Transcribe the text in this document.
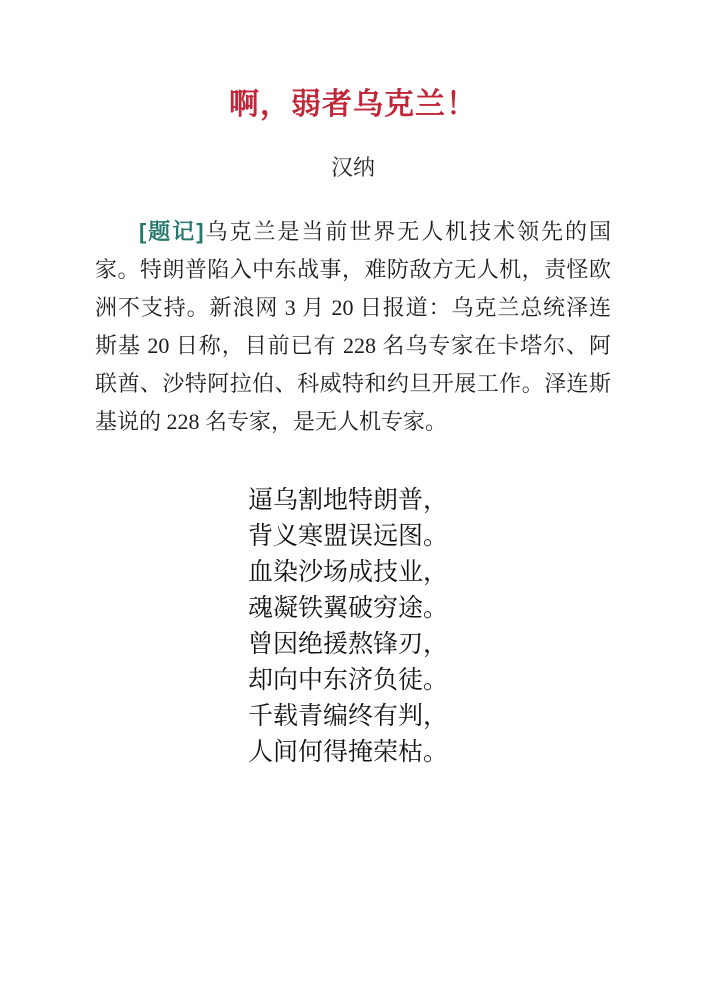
啊，弱者乌克兰！
汉纳

[题记]乌克兰是当前世界无人机技术领先的国家。特朗普陷入中东战事，难防敌方无人机，责怪欧洲不支持。新浪网 3 月 20 日报道：乌克兰总统泽连斯基 20 日称，目前已有 228 名乌专家在卡塔尔、阿联酋、沙特阿拉伯、科威特和约旦开展工作。泽连斯基说的 228 名专家，是无人机专家。

逼乌割地特朗普，
背义寒盟误远图。
血染沙场成技业，
魂凝铁翼破穷途。
曾因绝援熬锋刃，
却向中东济负徒。
千载青编终有判，
人间何得掩荣枯。
